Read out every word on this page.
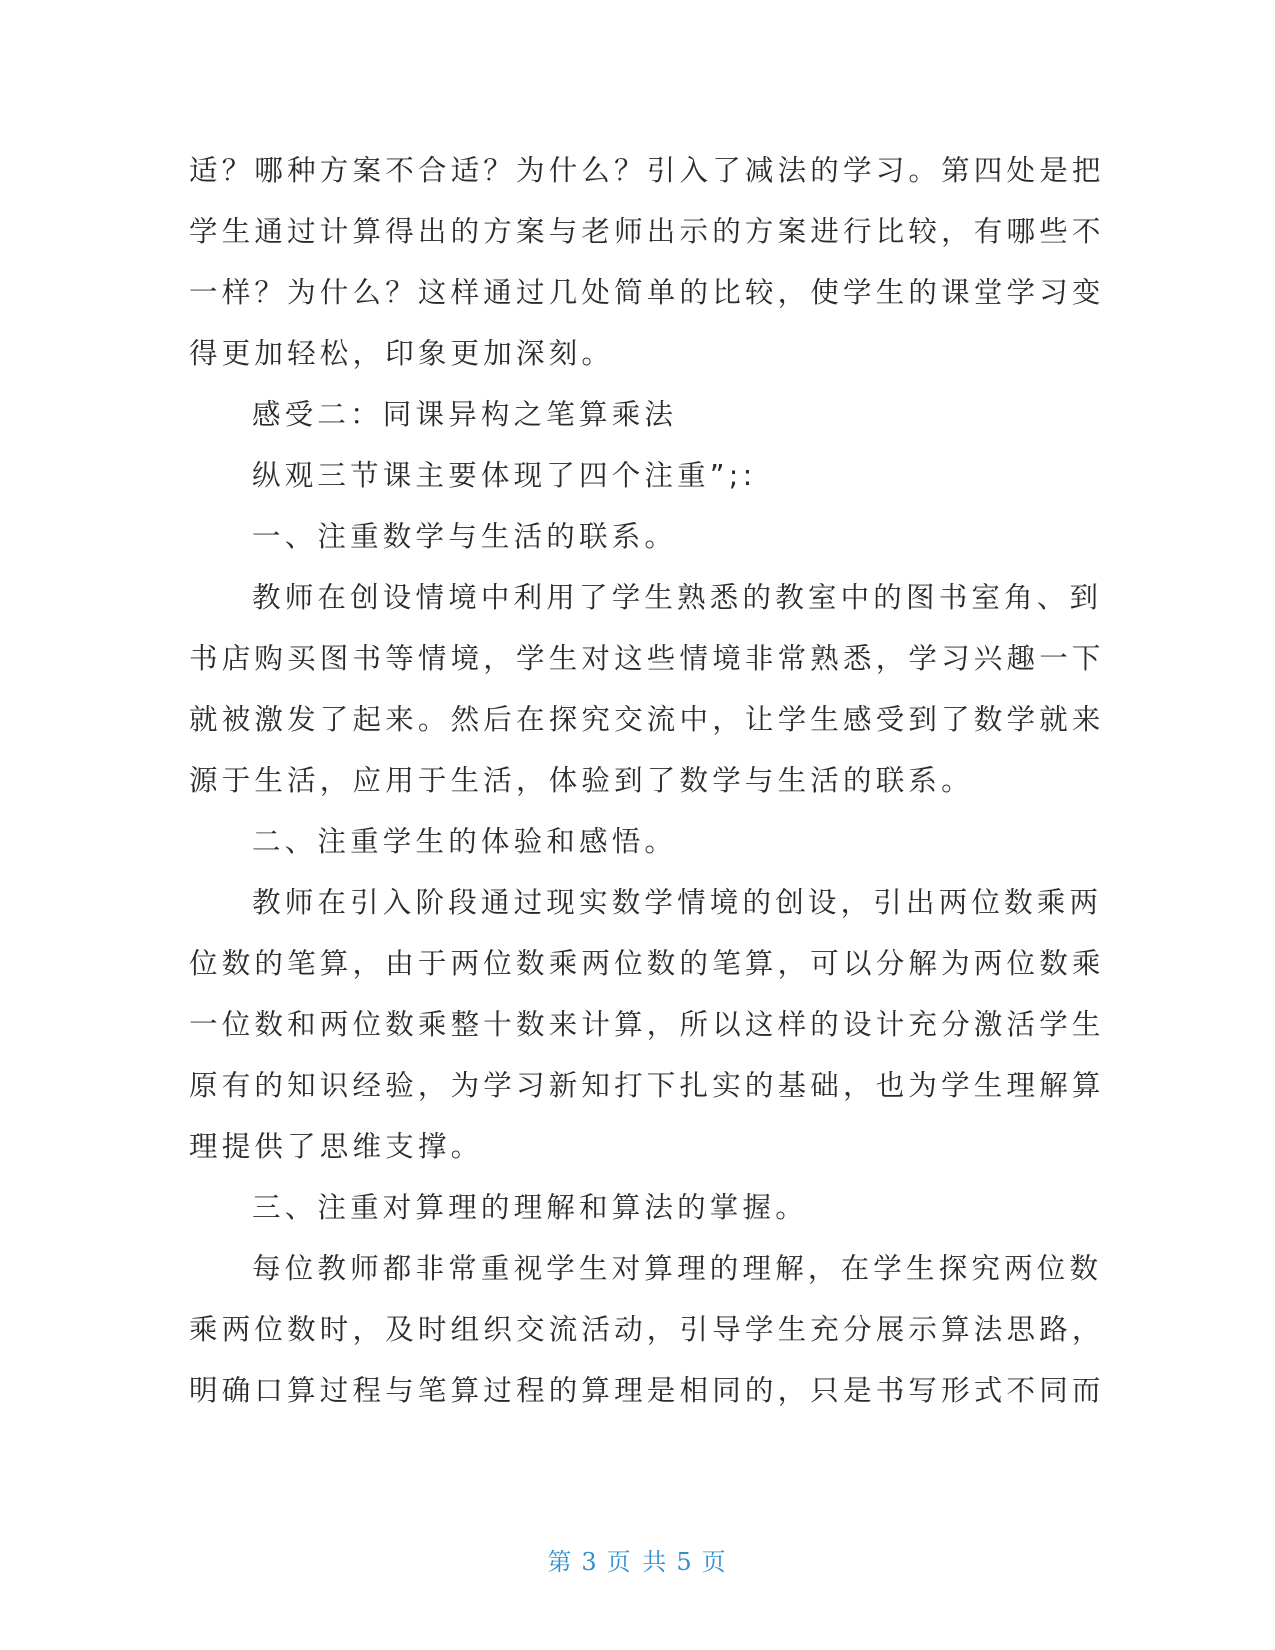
适？哪种方案不合适？为什么？引入了减法的学习。第四处是把
学生通过计算得出的方案与老师出示的方案进行比较，有哪些不
一样？为什么？这样通过几处简单的比较，使学生的课堂学习变
得更加轻松，印象更加深刻。
感受二：同课异构之笔算乘法
纵观三节课主要体现了四个注重”;:
一、注重数学与生活的联系。
教师在创设情境中利用了学生熟悉的教室中的图书室角、到
书店购买图书等情境，学生对这些情境非常熟悉，学习兴趣一下
就被激发了起来。然后在探究交流中，让学生感受到了数学就来
源于生活，应用于生活，体验到了数学与生活的联系。
二、注重学生的体验和感悟。
教师在引入阶段通过现实数学情境的创设，引出两位数乘两
位数的笔算，由于两位数乘两位数的笔算，可以分解为两位数乘
一位数和两位数乘整十数来计算，所以这样的设计充分激活学生
原有的知识经验，为学习新知打下扎实的基础，也为学生理解算
理提供了思维支撑。
三、注重对算理的理解和算法的掌握。
每位教师都非常重视学生对算理的理解，在学生探究两位数
乘两位数时，及时组织交流活动，引导学生充分展示算法思路，
明确口算过程与笔算过程的算理是相同的，只是书写形式不同而
第 3 页 共 5 页
